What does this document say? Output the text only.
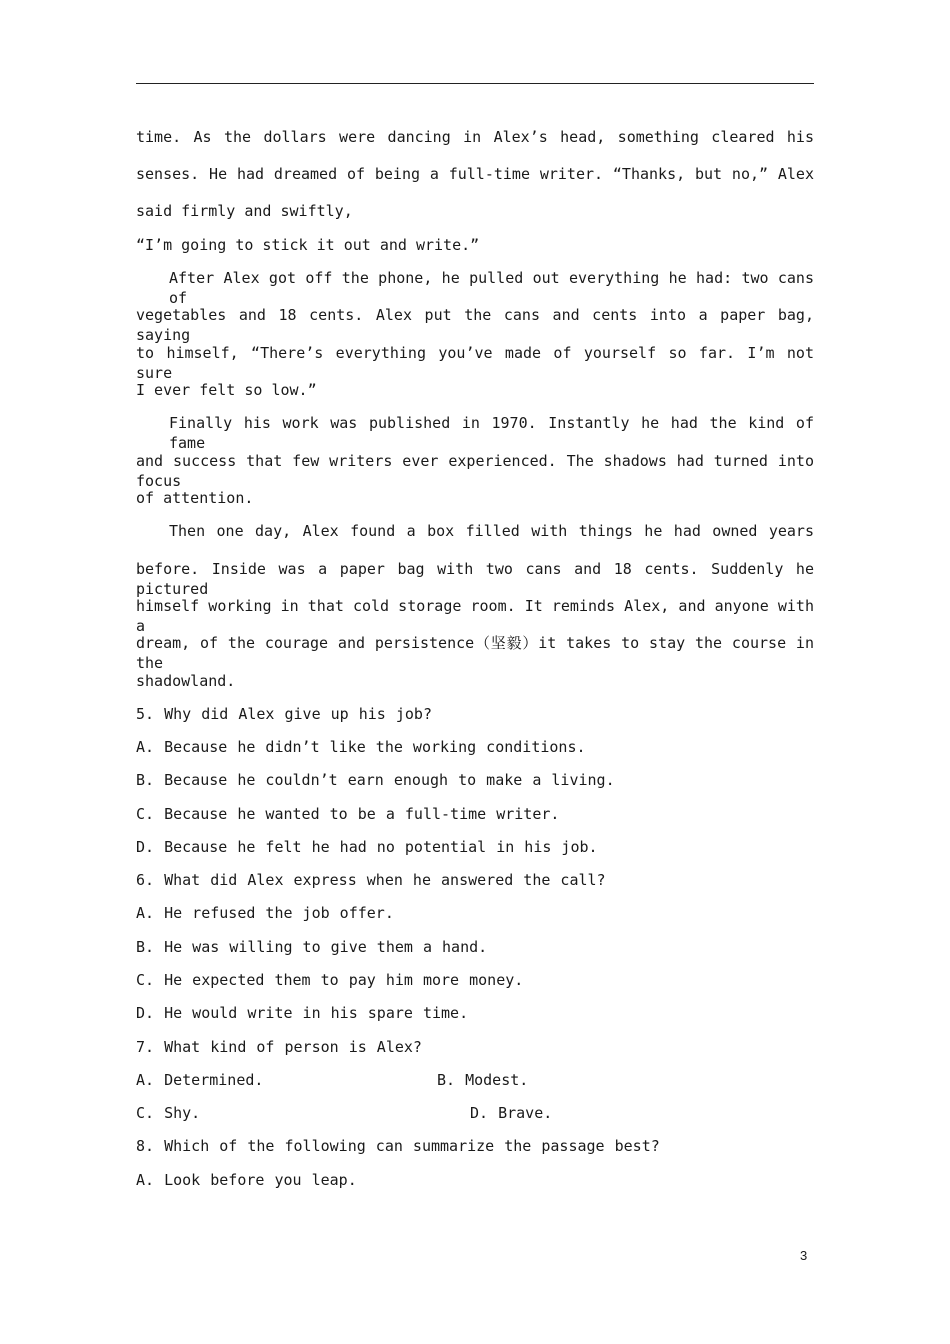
time. As the dollars were dancing in Alex’s head, something cleared his
senses. He had dreamed of being a full-time writer. “Thanks, but no,” Alex
said firmly and swiftly,
“I’m going to stick it out and write.”
After Alex got off the phone, he pulled out everything he had: two cans of
vegetables and 18 cents. Alex put the cans and cents into a paper bag, saying
to himself, “There’s everything you’ve made of yourself so far. I’m not sure
I ever felt so low.”
Finally his work was published in 1970. Instantly he had the kind of fame
and success that few writers ever experienced. The shadows had turned into focus
of attention.
Then one day, Alex found a box filled with things he had owned years
before. Inside was a paper bag with two cans and 18 cents. Suddenly he pictured
himself working in that cold storage room. It reminds Alex, and anyone with a
dream, of the courage and persistence（坚毅）it takes to stay the course in the
shadowland.
5. Why did Alex give up his job?
A. Because he didn’t like the working conditions.
B. Because he couldn’t earn enough to make a living.
C. Because he wanted to be a full-time writer.
D. Because he felt he had no potential in his job.
6. What did Alex express when he answered the call?
A. He refused the job offer.
B. He was willing to give them a hand.
C. He expected them to pay him more money.
D. He would write in his spare time.
7. What kind of person is Alex?
A. Determined.	B. Modest.
C. Shy.	D. Brave.
8. Which of the following can summarize the passage best?
A. Look before you leap.
3
